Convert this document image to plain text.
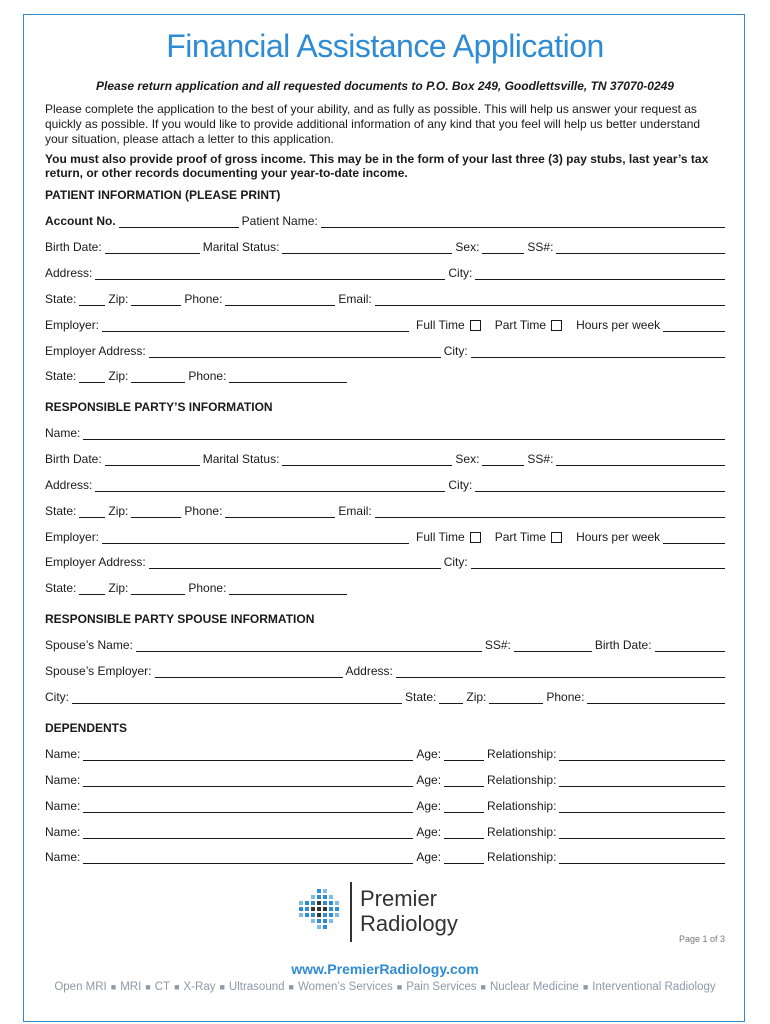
Financial Assistance Application
Please return application and all requested documents to P.O. Box 249, Goodlettsville, TN 37070-0249
Please complete the application to the best of your ability, and as fully as possible. This will help us answer your request as quickly as possible. If you would like to provide additional information of any kind that you feel will help us better understand your situation, please attach a letter to this application.
You must also provide proof of gross income. This may be in the form of your last three (3) pay stubs, last year’s tax return, or other records documenting your year-to-date income.
PATIENT INFORMATION (PLEASE PRINT)
Account No.	Patient Name:
Birth Date:	Marital Status:	Sex:	SS#:
Address:	City:
State:	Zip:	Phone:	Email:
Employer:	Full Time	Part Time	Hours per week
Employer Address:	City:
State:	Zip:	Phone:
RESPONSIBLE PARTY’S INFORMATION
Name:
Birth Date:	Marital Status:	Sex:	SS#:
Address:	City:
State:	Zip:	Phone:	Email:
Employer:	Full Time	Part Time	Hours per week
Employer Address:	City:
State:	Zip:	Phone:
RESPONSIBLE PARTY SPOUSE INFORMATION
Spouse’s Name:	SS#:	Birth Date:
Spouse’s Employer:	Address:
City:	State:	Zip:	Phone:
DEPENDENTS
Name:	Age:	Relationship:
Name:	Age:	Relationship:
Name:	Age:	Relationship:
Name:	Age:	Relationship:
Name:	Age:	Relationship:
Premier
Radiology
Page 1 of 3
www.PremierRadiology.com
Open MRI ■ MRI ■ CT ■ X-Ray ■ Ultrasound ■ Women’s Services ■ Pain Services ■ Nuclear Medicine ■ Interventional Radiology
